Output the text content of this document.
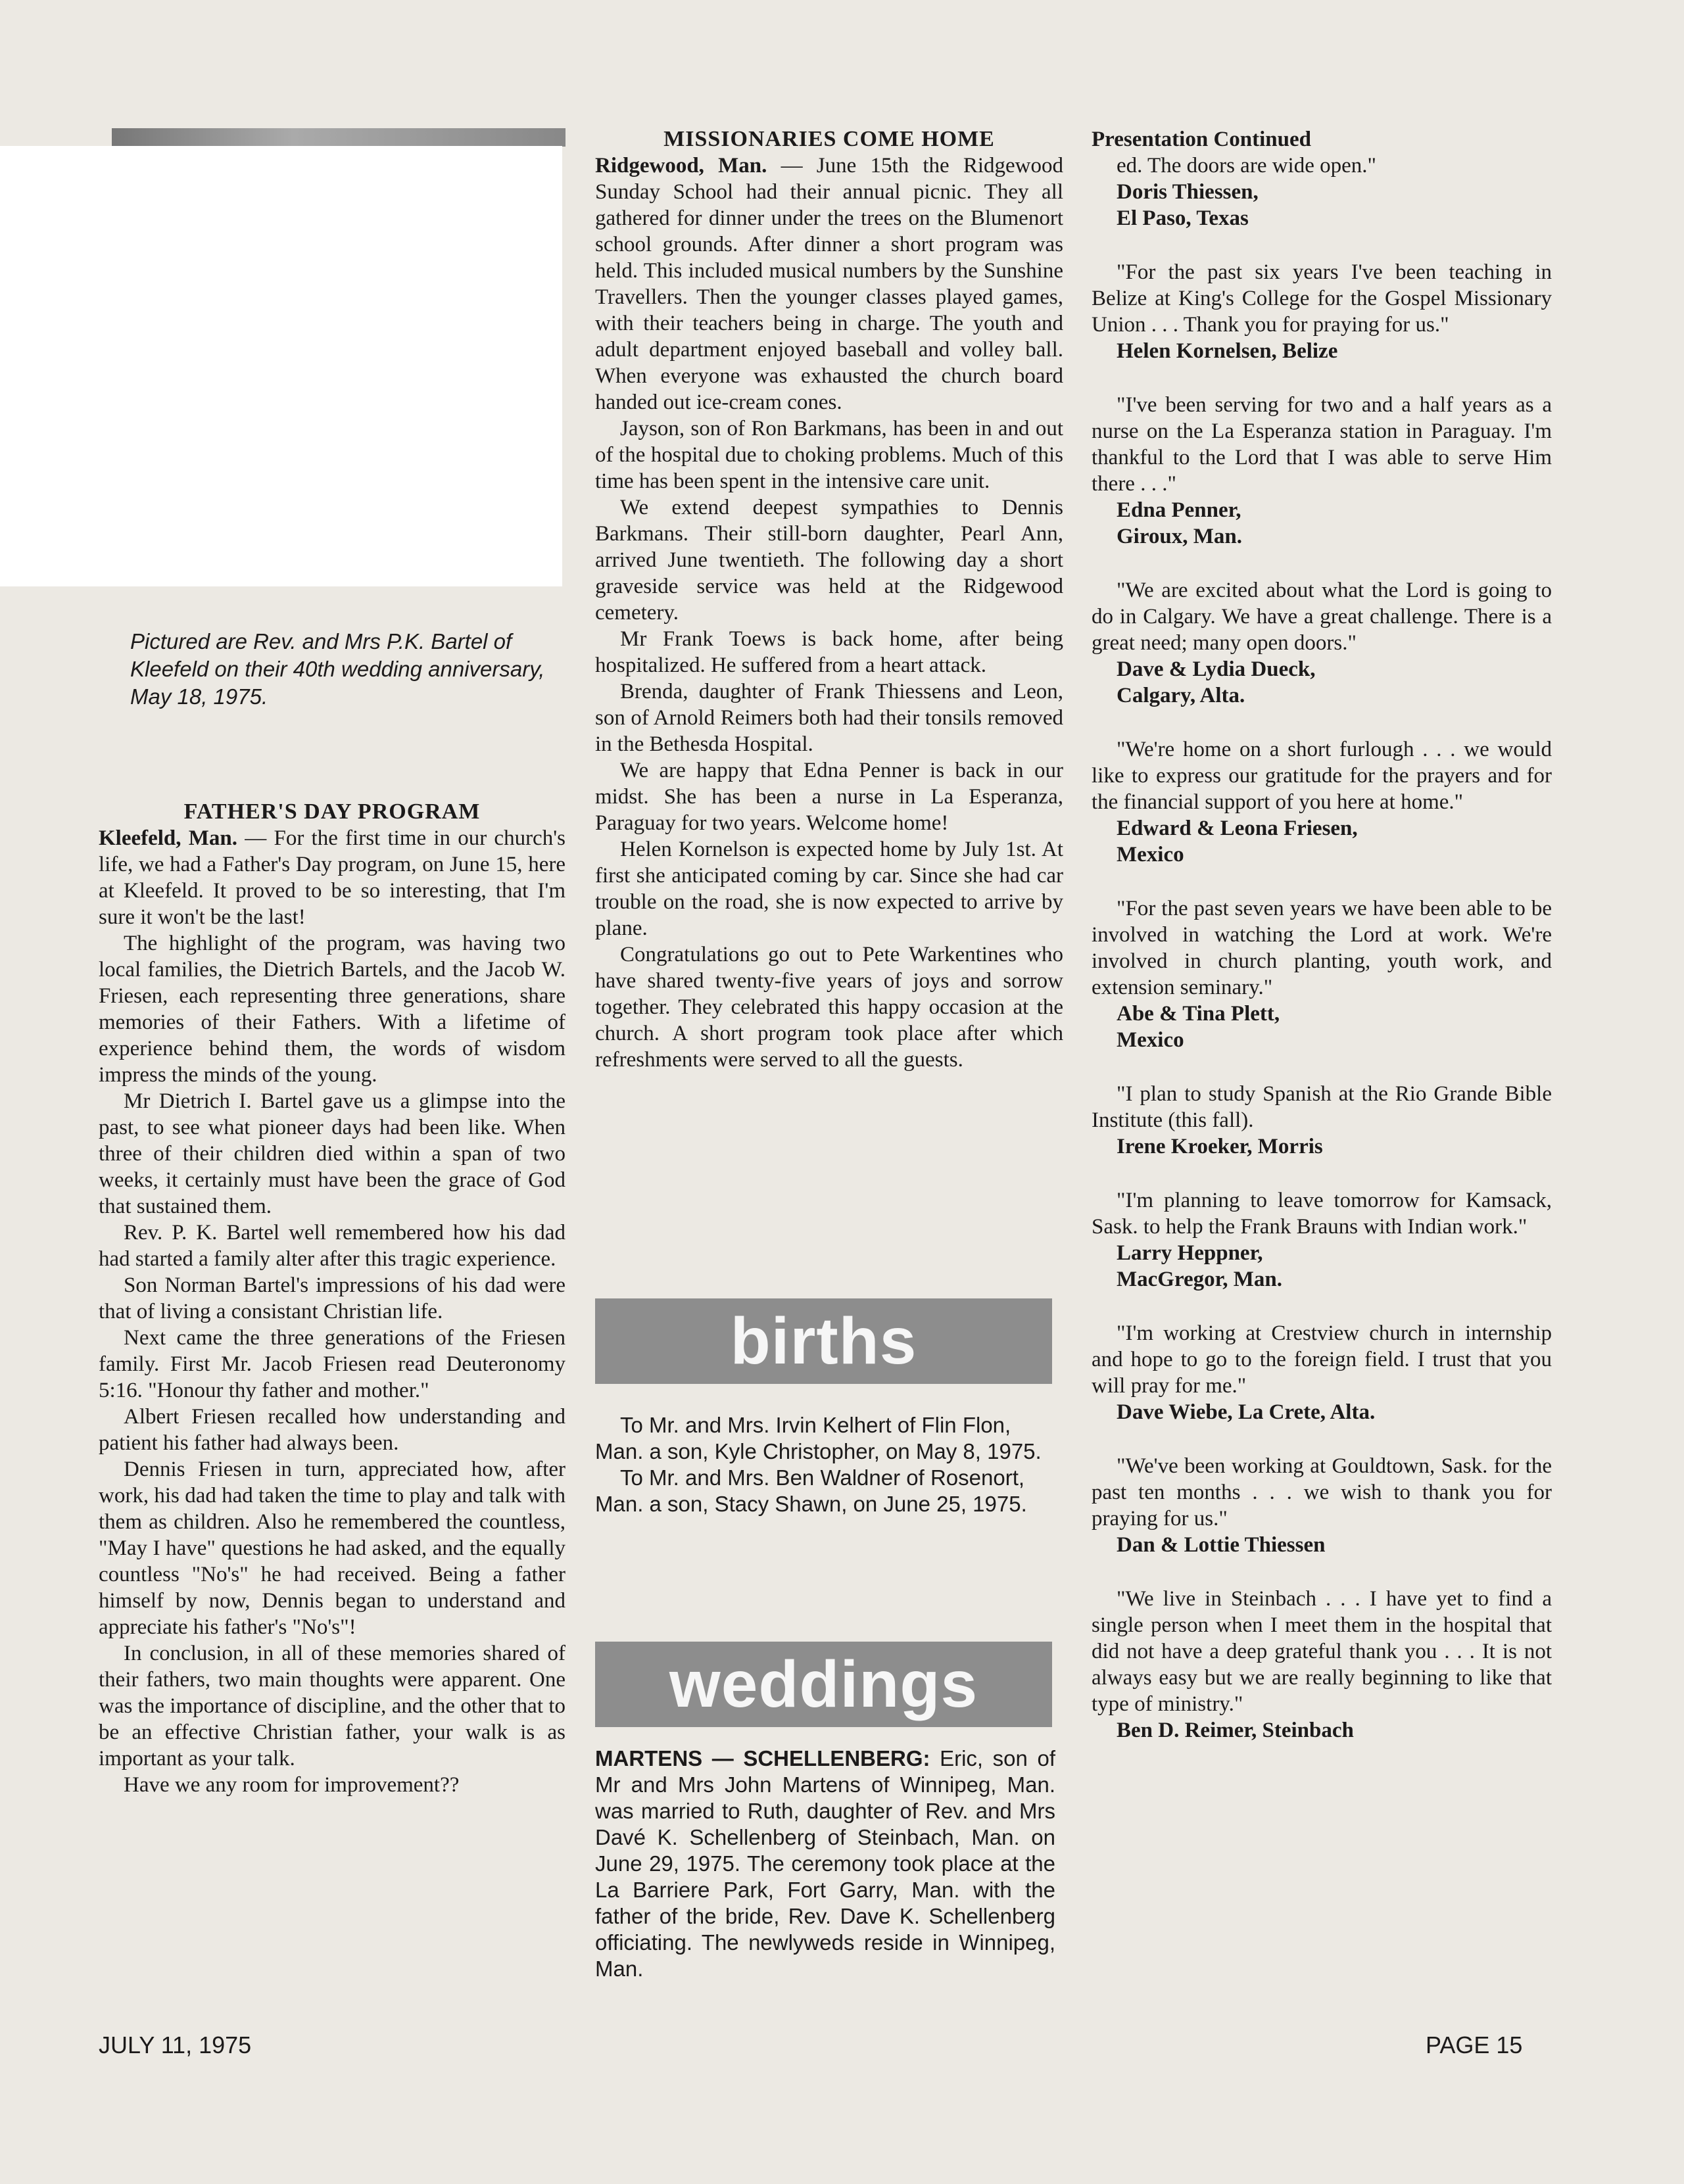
Pictured are Rev. and Mrs P.K. Bartel of Kleefeld on their 40th wedding anniversary, May 18, 1975.
FATHER'S DAY PROGRAM

Kleefeld, Man. — For the first time in our church's life, we had a Father's Day program, on June 15, here at Kleefeld. It proved to be so interesting, that I'm sure it won't be the last!

The highlight of the program, was having two local families, the Dietrich Bartels, and the Jacob W. Friesen, each representing three generations, share memories of their Fathers. With a lifetime of experience behind them, the words of wisdom impress the minds of the young.

Mr Dietrich I. Bartel gave us a glimpse into the past, to see what pioneer days had been like. When three of their children died within a span of two weeks, it certainly must have been the grace of God that sustained them.

Rev. P. K. Bartel well remembered how his dad had started a family alter after this tragic experience.

Son Norman Bartel's impressions of his dad were that of living a consistant Christian life.

Next came the three generations of the Friesen family. First Mr. Jacob Friesen read Deuteronomy 5:16. "Honour thy father and mother."

Albert Friesen recalled how understanding and patient his father had always been.

Dennis Friesen in turn, appreciated how, after work, his dad had taken the time to play and talk with them as children. Also he remembered the countless, "May I have" questions he had asked, and the equally countless "No's" he had received. Being a father himself by now, Dennis began to understand and appreciate his father's "No's"!

In conclusion, in all of these memories shared of their fathers, two main thoughts were apparent. One was the importance of discipline, and the other that to be an effective Christian father, your walk is as important as your talk.

Have we any room for improvement??

MISSIONARIES COME HOME

Ridgewood, Man. — June 15th the Ridgewood Sunday School had their annual picnic. They all gathered for dinner under the trees on the Blumenort school grounds. After dinner a short program was held. This included musical numbers by the Sunshine Travellers. Then the younger classes played games, with their teachers being in charge. The youth and adult department enjoyed baseball and volley ball. When everyone was exhausted the church board handed out ice-cream cones.

Jayson, son of Ron Barkmans, has been in and out of the hospital due to choking problems. Much of this time has been spent in the intensive care unit.

We extend deepest sympathies to Dennis Barkmans. Their still-born daughter, Pearl Ann, arrived June twentieth. The following day a short graveside service was held at the Ridgewood cemetery.

Mr Frank Toews is back home, after being hospitalized. He suffered from a heart attack.

Brenda, daughter of Frank Thiessens and Leon, son of Arnold Reimers both had their tonsils removed in the Bethesda Hospital.

We are happy that Edna Penner is back in our midst. She has been a nurse in La Esperanza, Paraguay for two years. Welcome home!

Helen Kornelson is expected home by July 1st. At first she anticipated coming by car. Since she had car trouble on the road, she is now expected to arrive by plane.

Congratulations go out to Pete Warkentines who have shared twenty-five years of joys and sorrow together. They celebrated this happy occasion at the church. A short program took place after which refreshments were served to all the guests.

births

To Mr. and Mrs. Irvin Kelhert of Flin Flon, Man. a son, Kyle Christopher, on May 8, 1975.

To Mr. and Mrs. Ben Waldner of Rosenort, Man. a son, Stacy Shawn, on June 25, 1975.

weddings
MARTENS — SCHELLENBERG: Eric, son of Mr and Mrs John Martens of Winnipeg, Man. was married to Ruth, daughter of Rev. and Mrs Davé K. Schellenberg of Steinbach, Man. on June 29, 1975. The ceremony took place at the La Barriere Park, Fort Garry, Man. with the father of the bride, Rev. Dave K. Schellenberg officiating. The newlyweds reside in Winnipeg, Man.
Presentation Continued

ed. The doors are wide open."

Doris Thiessen,

El Paso, Texas

"For the past six years I've been teaching in Belize at King's College for the Gospel Missionary Union . . . Thank you for praying for us."

Helen Kornelsen, Belize

"I've been serving for two and a half years as a nurse on the La Esperanza station in Paraguay. I'm thankful to the Lord that I was able to serve Him there . . ."

Edna Penner,

Giroux, Man.

"We are excited about what the Lord is going to do in Calgary. We have a great challenge. There is a great need; many open doors."

Dave & Lydia Dueck,

Calgary, Alta.

"We're home on a short furlough . . . we would like to express our gratitude for the prayers and for the financial support of you here at home."

Edward & Leona Friesen,

Mexico

"For the past seven years we have been able to be involved in watching the Lord at work. We're involved in church planting, youth work, and extension seminary."

Abe & Tina Plett,

Mexico

"I plan to study Spanish at the Rio Grande Bible Institute (this fall).

Irene Kroeker, Morris

"I'm planning to leave tomorrow for Kamsack, Sask. to help the Frank Brauns with Indian work."

Larry Heppner,

MacGregor, Man.

"I'm working at Crestview church in internship and hope to go to the foreign field. I trust that you will pray for me."

Dave Wiebe, La Crete, Alta.

"We've been working at Gouldtown, Sask. for the past ten months . . . we wish to thank you for praying for us."

Dan & Lottie Thiessen

"We live in Steinbach . . . I have yet to find a single person when I meet them in the hospital that did not have a deep grateful thank you . . . It is not always easy but we are really beginning to like that type of ministry."

Ben D. Reimer, Steinbach

JULY 11, 1975	PAGE 15
